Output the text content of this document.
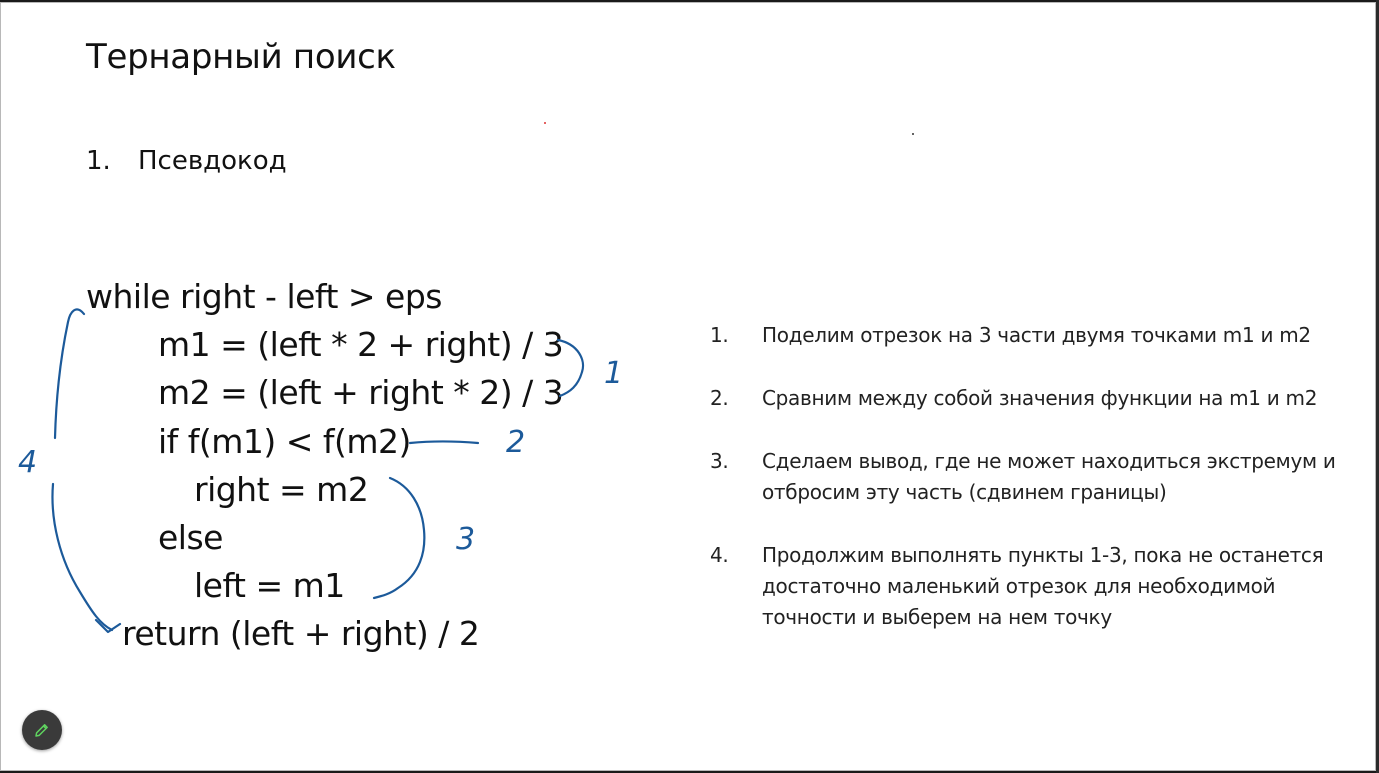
Тернарный поиск
1. Псевдокод
while right - left > eps
m1 = (left * 2 + right) / 3
m2 = (left + right * 2) / 3
if f(m1) < f(m2)
right = m2
else
left = m1
return (left + right) / 2
1.	Поделим отрезок на 3 части двумя точками m1 и m2
2.	Сравним между собой значения функции на m1 и m2
3.	Сделаем вывод, где не может находиться экстремум и отбросим эту часть (сдвинем границы)
4.	Продолжим выполнять пункты 1-3, пока не останется достаточно маленький отрезок для необходимой точности и выберем на нем точку
1
2
3
4
